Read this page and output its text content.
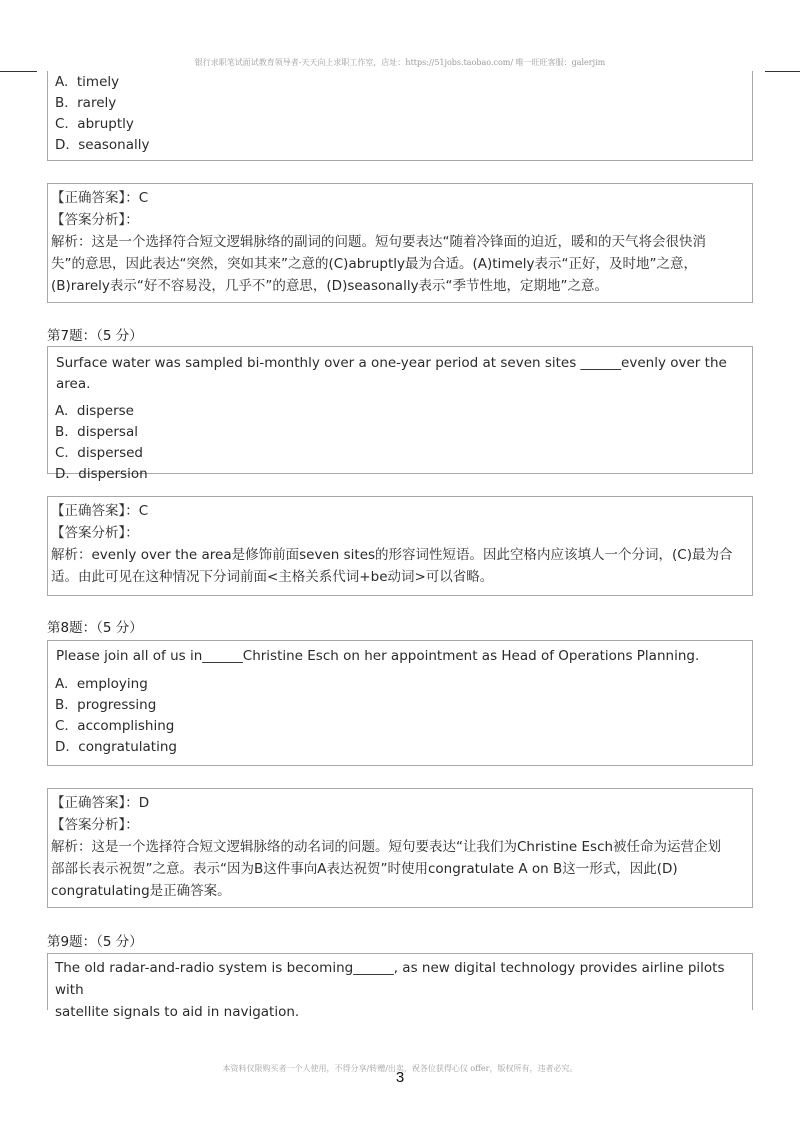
银行求职笔试面试教育领导者-天天向上求职工作室，店址：https://51jobs.taobao.com/ 唯一旺旺客服：galerjim
A.  timely
B.  rarely
C.  abruptly
D.  seasonally
【正确答案】：C
【答案分析】：
解析：这是一个选择符合短文逻辑脉络的副词的问题。短句要表达“随着冷锋面的迫近，暖和的天气将会很快消
失”的意思，因此表达“突然，突如其来”之意的(C)abruptly最为合适。(A)timely表示“正好，及时地”之意，
(B)rarely表示“好不容易没，几乎不”的意思，(D)seasonally表示“季节性地，定期地”之意。
第7题：（5 分）
Surface water was sampled bi-monthly over a one-year period at seven sites ______evenly over the area.
A.  disperse
B.  dispersal
C.  dispersed
D.  dispersion
【正确答案】：C
【答案分析】：
解析：evenly over the area是修饰前面seven sites的形容词性短语。因此空格内应该填人一个分词，(C)最为合
适。由此可见在这种情况下分词前面<主格关系代词+be动词>可以省略。
第8题：（5 分）
Please join all of us in______Christine Esch on her appointment as Head of Operations Planning.
A.  employing
B.  progressing
C.  accomplishing
D.  congratulating
【正确答案】：D
【答案分析】：
解析：这是一个选择符合短文逻辑脉络的动名词的问题。短句要表达“让我们为Christine Esch被任命为运营企划
部部长表示祝贺”之意。表示“因为B这件事向A表达祝贺”时使用congratulate A on B这一形式，因此(D)
congratulating是正确答案。
第9题：（5 分）
The old radar-and-radio system is becoming______, as new digital technology provides airline pilots with
satellite signals to aid in navigation.
本资料仅限购买者一个人使用，不得分享/转赠/出卖，祝各位获得心仪 offer，版权所有，违者必究。
3
